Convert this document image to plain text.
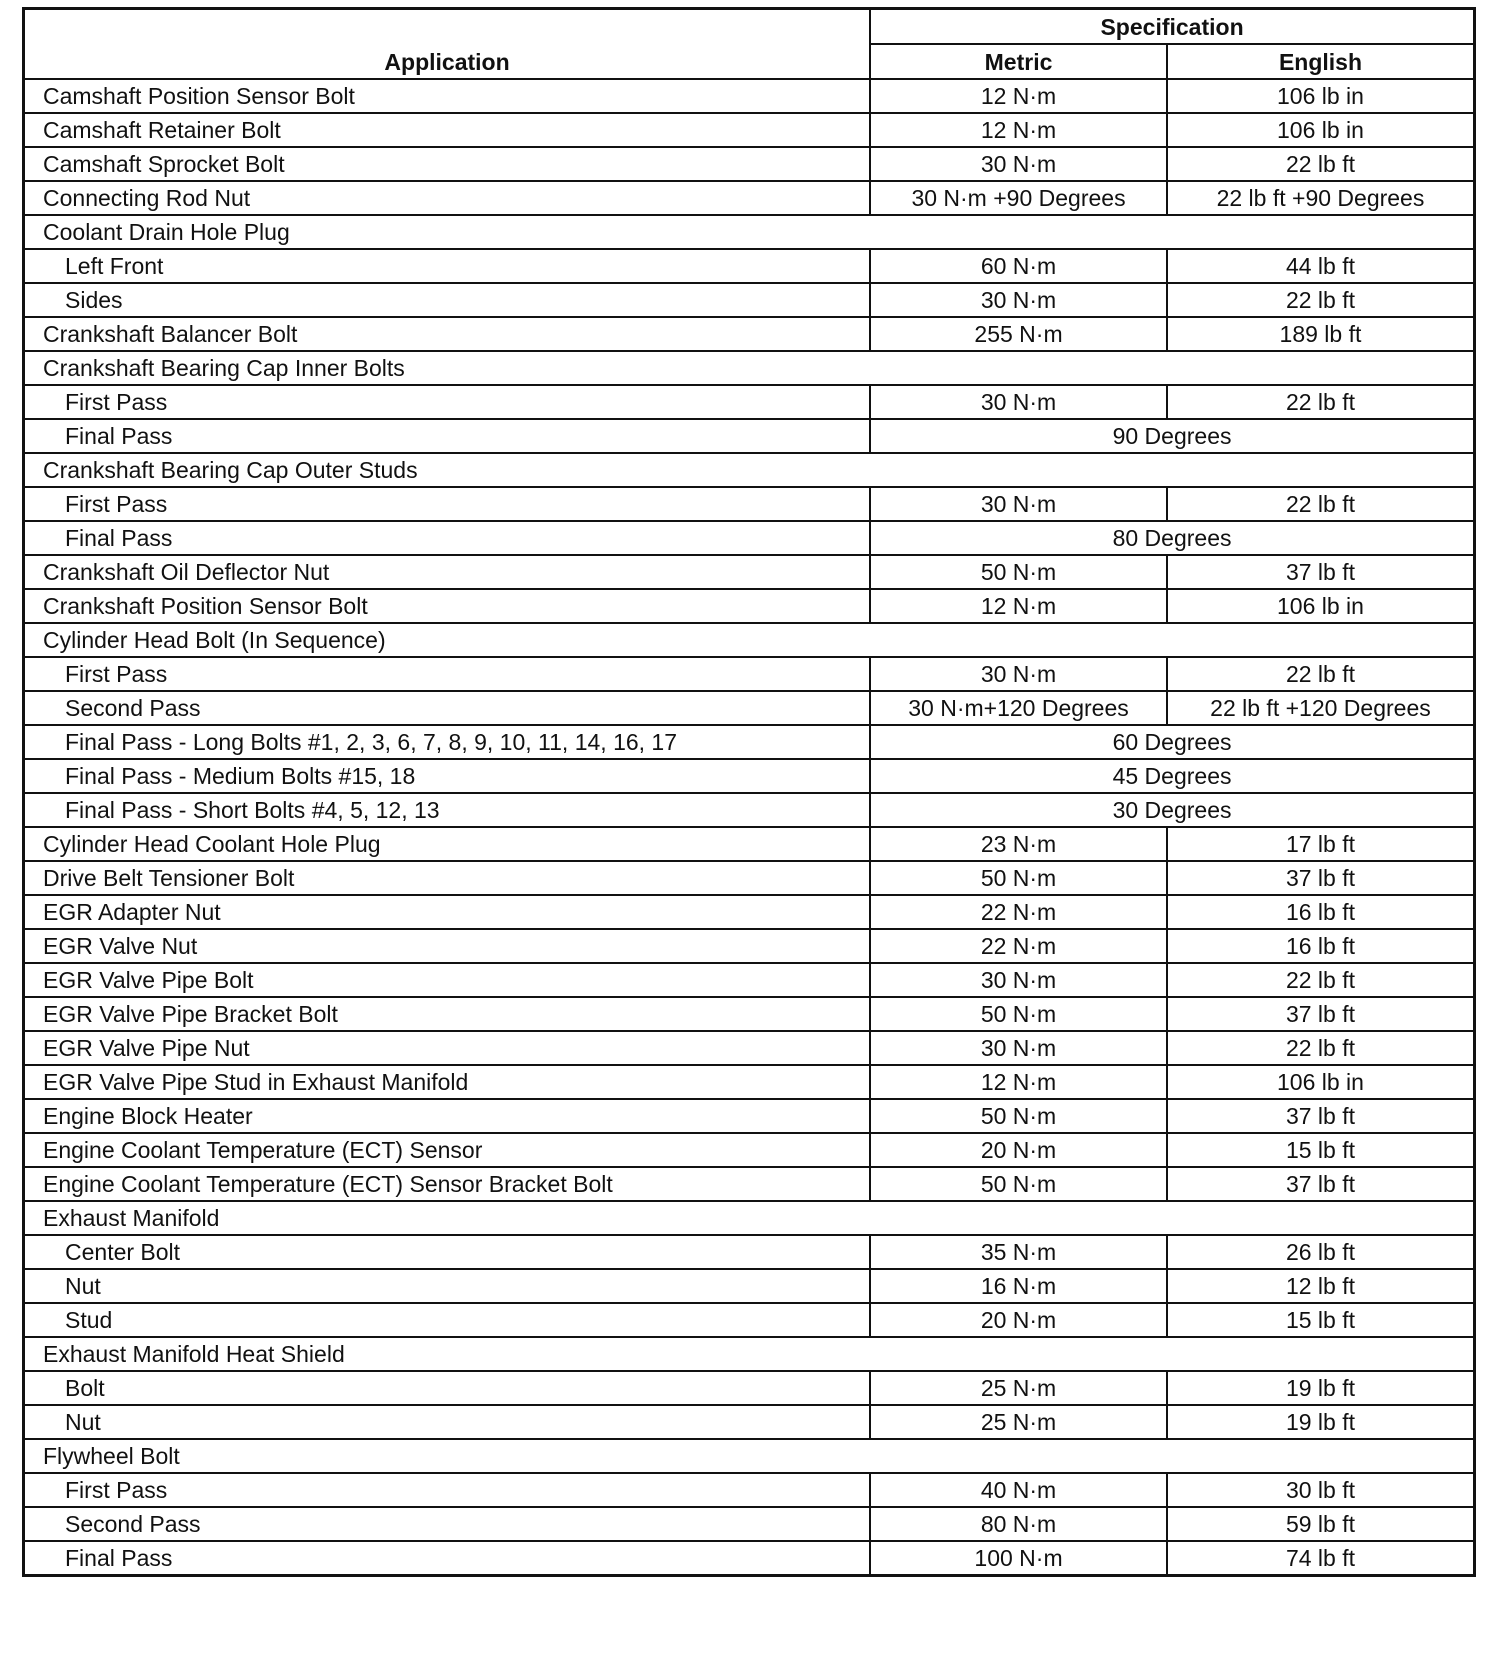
Application	Specification	
	Metric	English
Camshaft Position Sensor Bolt	12 N·m	106 lb in
Camshaft Retainer Bolt	12 N·m	106 lb in
Camshaft Sprocket Bolt	30 N·m	22 lb ft
Connecting Rod Nut	30 N·m +90 Degrees	22 lb ft +90 Degrees
Coolant Drain Hole Plug		
Left Front	60 N·m	44 lb ft
Sides	30 N·m	22 lb ft
Crankshaft Balancer Bolt	255 N·m	189 lb ft
Crankshaft Bearing Cap Inner Bolts		
First Pass	30 N·m	22 lb ft
Final Pass	90 Degrees	
Crankshaft Bearing Cap Outer Studs		
First Pass	30 N·m	22 lb ft
Final Pass	80 Degrees	
Crankshaft Oil Deflector Nut	50 N·m	37 lb ft
Crankshaft Position Sensor Bolt	12 N·m	106 lb in
Cylinder Head Bolt (In Sequence)		
First Pass	30 N·m	22 lb ft
Second Pass	30 N·m+120 Degrees	22 lb ft +120 Degrees
Final Pass - Long Bolts #1, 2, 3, 6, 7, 8, 9, 10, 11, 14, 16, 17	60 Degrees	
Final Pass - Medium Bolts #15, 18	45 Degrees	
Final Pass - Short Bolts #4, 5, 12, 13	30 Degrees	
Cylinder Head Coolant Hole Plug	23 N·m	17 lb ft
Drive Belt Tensioner Bolt	50 N·m	37 lb ft
EGR Adapter Nut	22 N·m	16 lb ft
EGR Valve Nut	22 N·m	16 lb ft
EGR Valve Pipe Bolt	30 N·m	22 lb ft
EGR Valve Pipe Bracket Bolt	50 N·m	37 lb ft
EGR Valve Pipe Nut	30 N·m	22 lb ft
EGR Valve Pipe Stud in Exhaust Manifold	12 N·m	106 lb in
Engine Block Heater	50 N·m	37 lb ft
Engine Coolant Temperature (ECT) Sensor	20 N·m	15 lb ft
Engine Coolant Temperature (ECT) Sensor Bracket Bolt	50 N·m	37 lb ft
Exhaust Manifold		
Center Bolt	35 N·m	26 lb ft
Nut	16 N·m	12 lb ft
Stud	20 N·m	15 lb ft
Exhaust Manifold Heat Shield		
Bolt	25 N·m	19 lb ft
Nut	25 N·m	19 lb ft
Flywheel Bolt		
First Pass	40 N·m	30 lb ft
Second Pass	80 N·m	59 lb ft
Final Pass	100 N·m	74 lb ft
